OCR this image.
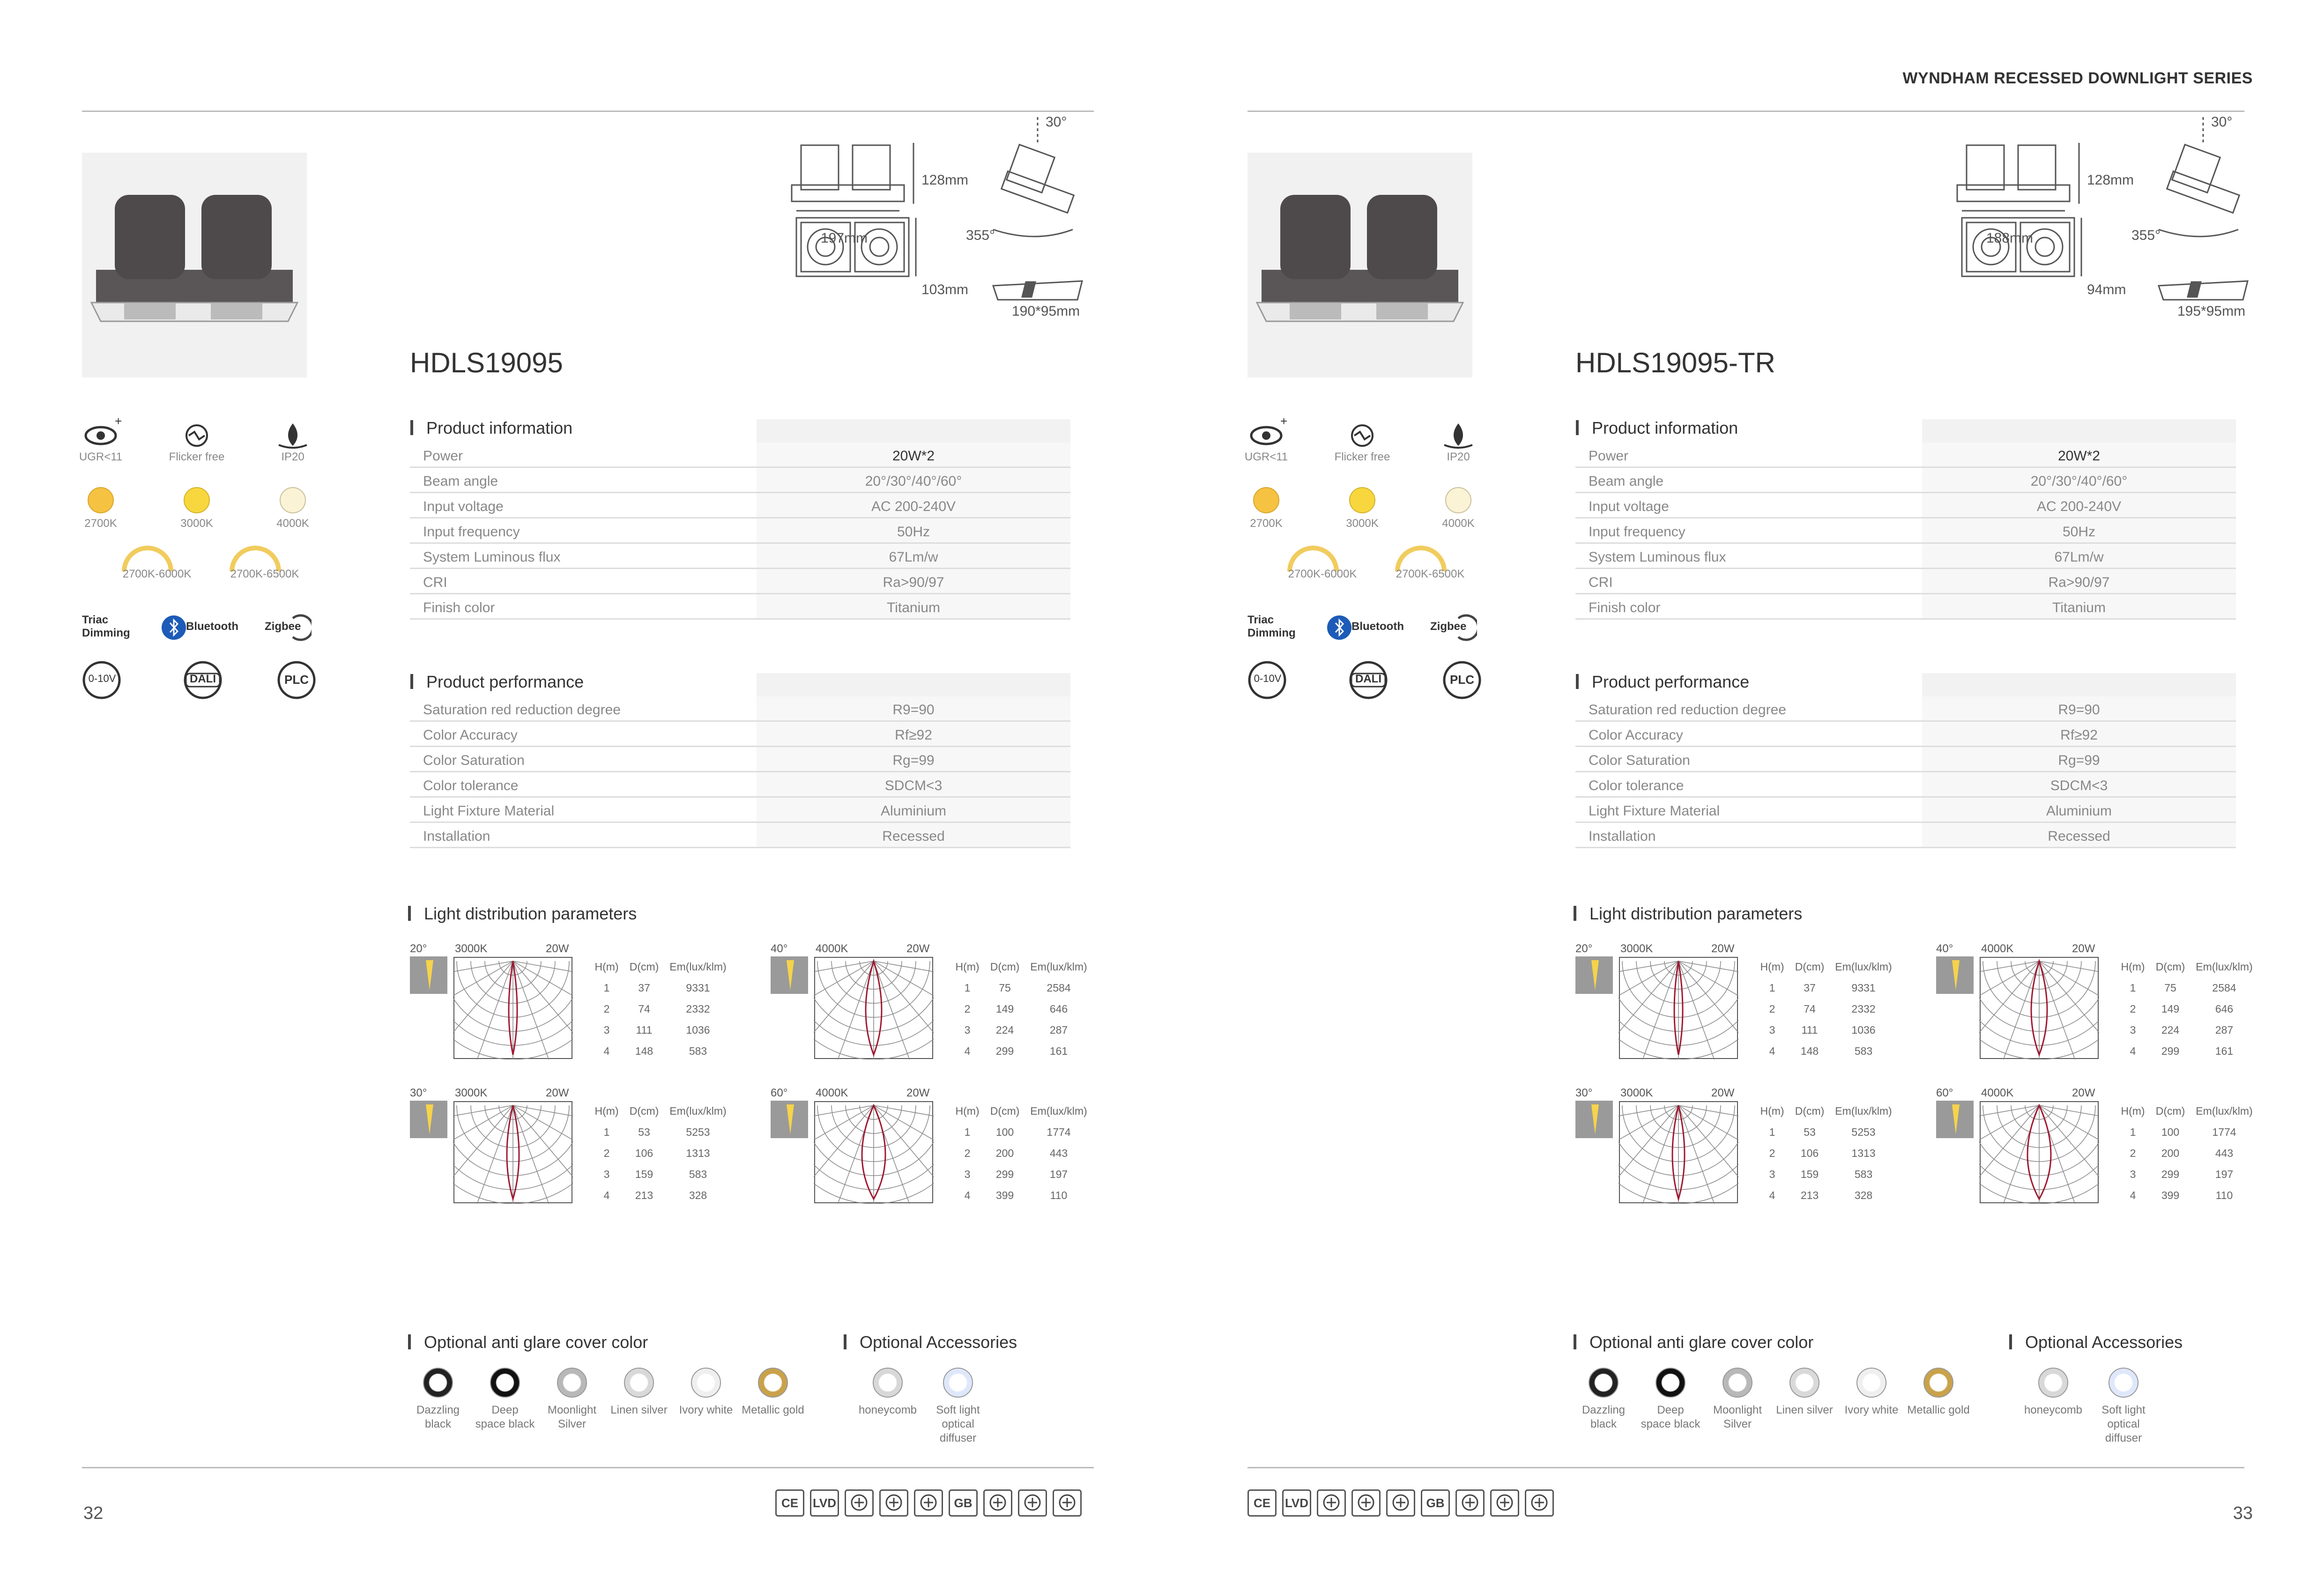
WYNDHAM RECESSED DOWNLIGHT SERIES
32	33
128mm
197mm
103mm
30°
355°
190*95mm
HDLS19095
+
UGR<11	Flicker free	IP20
2700K	3000K	4000K
2700K-6000K	2700K-6500K
Triac Dimming
Bluetooth Zigbee
0-10V	DALI	PLC
Product information
Power	20W*2
Beam angle	20°/30°/40°/60°
Input voltage	AC 200-240V
Input frequency	50Hz
System Luminous flux	67Lm/w
CRI	Ra>90/97
Finish color	Titanium
Product performance
Saturation red reduction degree	R9=90
Color Accuracy	Rf≥92
Color Saturation	Rg=99
Color tolerance	SDCM<3
Light Fixture Material	Aluminium
Installation	Recessed
Light distribution parameters
20° 3000K	20W
H(m)	D(cm)	Em(lux/klm)
1	37	9331
2	74	2332
3	111	1036
4	148	583
40° 4000K	20W
H(m)	D(cm)	Em(lux/klm)
1	75	2584
2	149	646
3	224	287
4	299	161
30° 3000K	20W
H(m)	D(cm)	Em(lux/klm)
1	53	5253
2	106	1313
3	159	583
4	213	328
60° 4000K	20W
H(m)	D(cm)	Em(lux/klm)
1	100	1774
2	200	443
3	299	197
4	399	110
Optional anti glare cover color
Dazzling
black
Deep
space black
Moonlight
Silver
Linen silver	Ivory white Metallic gold
Optional Accessories
honeycomb	Soft light
optical diffuser
CE	LVD	GB
128mm
188mm
94mm
30°
355°
195*95mm
HDLS19095-TR
+
UGR<11	Flicker free	IP20
2700K	3000K	4000K
2700K-6000K	2700K-6500K
Triac Dimming
Bluetooth Zigbee
0-10V	DALI	PLC
Product information
Power	20W*2
Beam angle	20°/30°/40°/60°
Input voltage	AC 200-240V
Input frequency	50Hz
System Luminous flux	67Lm/w
CRI	Ra>90/97
Finish color	Titanium
Product performance
Saturation red reduction degree	R9=90
Color Accuracy	Rf≥92
Color Saturation	Rg=99
Color tolerance	SDCM<3
Light Fixture Material	Aluminium
Installation	Recessed
Light distribution parameters
20° 3000K	20W
H(m)	D(cm)	Em(lux/klm)
1	37	9331
2	74	2332
3	111	1036
4	148	583
40° 4000K	20W
H(m)	D(cm)	Em(lux/klm)
1	75	2584
2	149	646
3	224	287
4	299	161
30° 3000K	20W
H(m)	D(cm)	Em(lux/klm)
1	53	5253
2	106	1313
3	159	583
4	213	328
60° 4000K	20W
H(m)	D(cm)	Em(lux/klm)
1	100	1774
2	200	443
3	299	197
4	399	110
Optional anti glare cover color
Dazzling
black
Deep
space black
Moonlight
Silver
Linen silver	Ivory white Metallic gold
Optional Accessories
honeycomb	Soft light
optical diffuser
CE	LVD	GB
